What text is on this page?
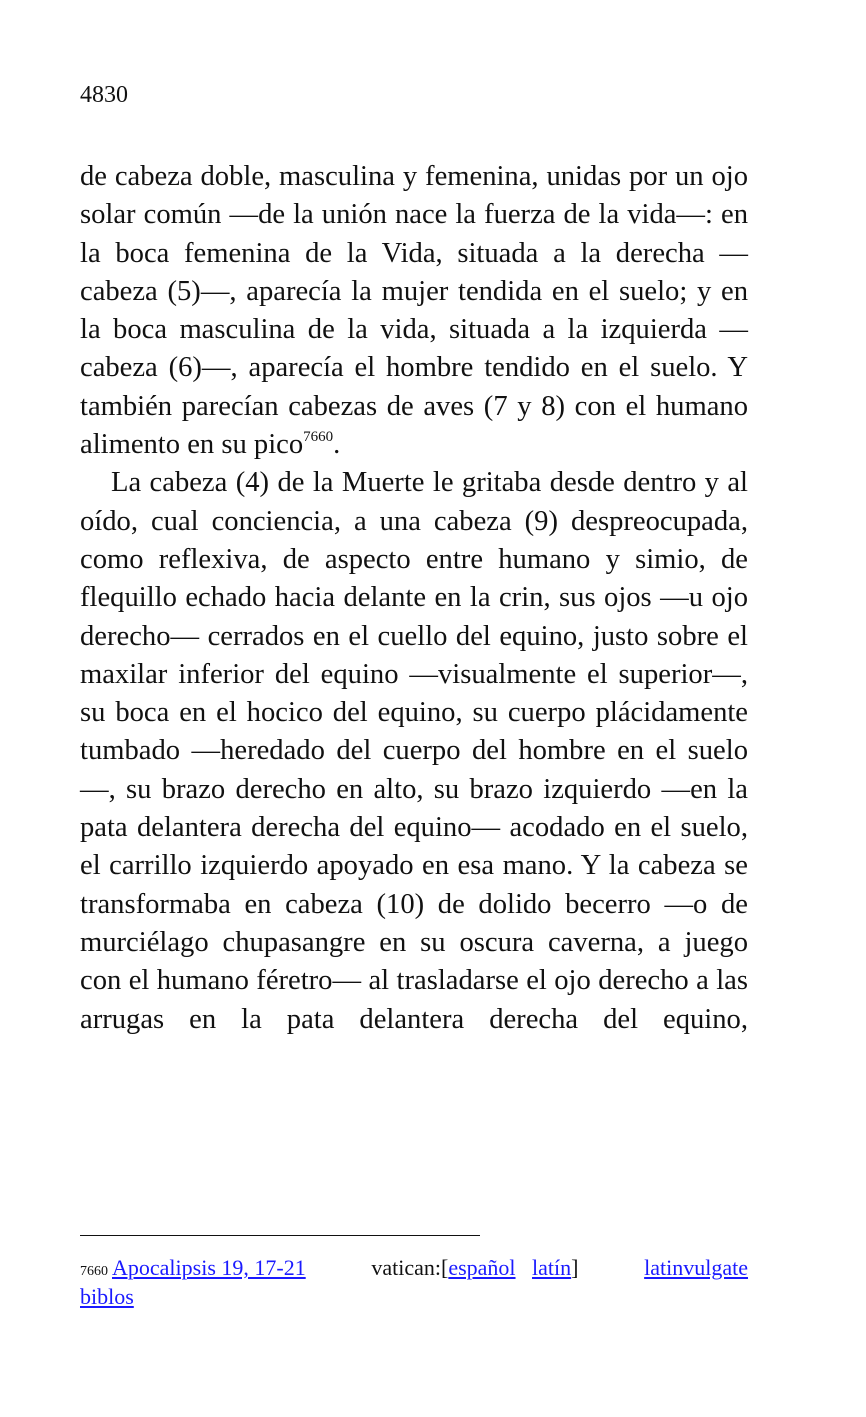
4830

de cabeza doble, masculina y femenina, unidas por un ojo solar común —de la unión nace la fuerza de la vida—: en la boca femenina de la Vida, situada a la derecha —cabeza (5)—, aparecía la mujer tendida en el suelo; y en la boca masculina de la vida, situada a la izquierda —cabeza (6)—, aparecía el hombre tendido en el suelo. Y también parecían cabezas de aves (7 y 8) con el humano alimento en su pico$^{7660}$.

La cabeza (4) de la Muerte le gritaba desde dentro y al oído, cual conciencia, a una cabeza (9) despreocupada, como reflexiva, de aspecto entre humano y simio, de flequillo echado hacia delante en la crin, sus ojos —u ojo derecho— cerrados en el cuello del equino, justo sobre el maxilar inferior del equino —visualmente el superior—, su boca en el hocico del equino, su cuerpo plácidamente tumbado —heredado del cuerpo del hombre en el suelo—, su brazo derecho en alto, su brazo izquierdo —en la pata delantera derecha del equino— acodado en el suelo, el carrillo izquierdo apoyado en esa mano. Y la cabeza se transformaba en cabeza (10) de dolido becerro —o de murciélago chupasangre en su oscura caverna, a juego con el humano féretro— al trasladarse el ojo derecho a las arrugas en la pata delantera derecha del equino,

7660 Apocalipsis 19, 17-21	vatican:[español latín]	latinvulgate
biblos
